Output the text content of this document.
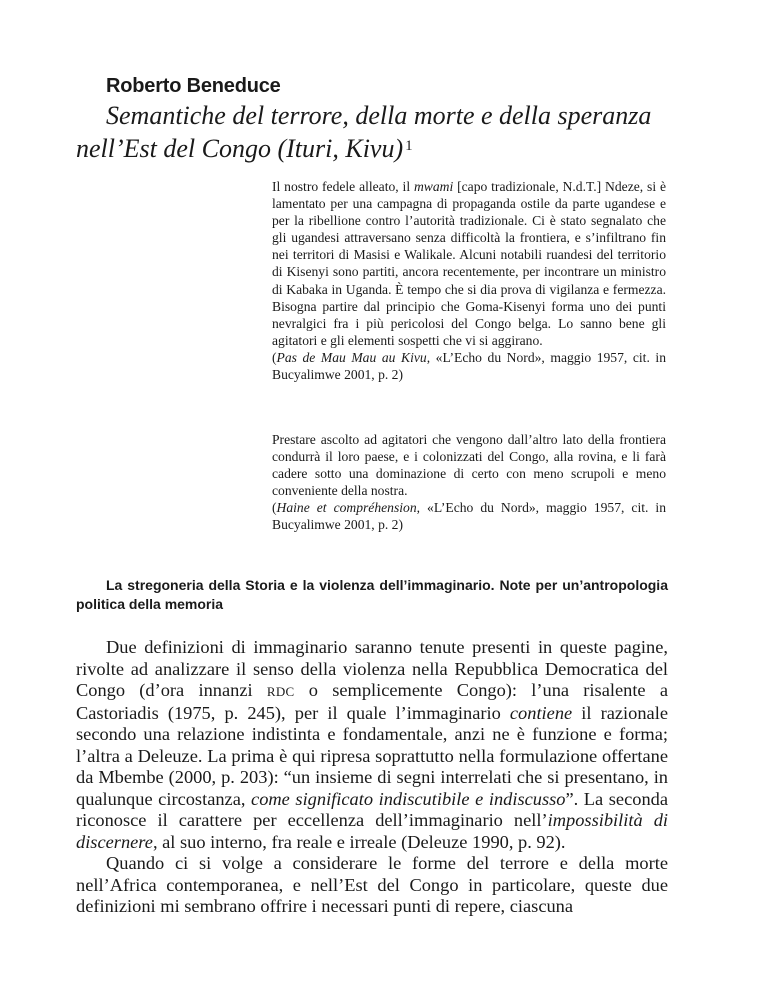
Roberto Beneduce
Semantiche del terrore, della morte e della speranza
nell’Est del Congo (Ituri, Kivu) $^1$
Il nostro fedele alleato, il mwami [capo tradizionale, N.d.T.] Ndeze, si è lamentato per una campagna di propaganda ostile da parte ugandese e per la ribellione contro l’autorità tradizionale. Ci è stato segnalato che gli ugandesi attraversano senza difficoltà la frontiera, e s’infiltrano fin nei territori di Masisi e Walikale. Alcuni notabili ruandesi del territorio di Kisenyi sono partiti, ancora recentemente, per incontrare un ministro di Kabaka in Uganda. È tempo che si dia prova di vigilanza e fermezza. Bisogna partire dal principio che Goma-Kisenyi forma uno dei punti nevralgici fra i più pericolosi del Congo belga. Lo sanno bene gli agitatori e gli elementi sospetti che vi si aggirano.
(Pas de Mau Mau au Kivu, «L’Echo du Nord», maggio 1957, cit. in Bucyalimwe 2001, p. 2)
Prestare ascolto ad agitatori che vengono dall’altro lato della frontiera condurrà il loro paese, e i colonizzati del Congo, alla rovina, e li farà cadere sotto una dominazione di certo con meno scrupoli e meno conveniente della nostra.
(Haine et compréhension, «L’Echo du Nord», maggio 1957, cit. in Bucyalimwe 2001, p. 2)
La stregoneria della Storia e la violenza dell’immaginario. Note per un’antropologia politica della memoria

Due definizioni di immaginario saranno tenute presenti in queste pagine, rivolte ad analizzare il senso della violenza nella Repubblica Democratica del Congo (d’ora innanzi RDC o semplicemente Congo): l’una risalente a Castoriadis (1975, p. 245), per il quale l’immaginario contiene il razionale secondo una relazione indistinta e fondamentale, anzi ne è funzione e forma; l’altra a Deleuze. La prima è qui ripresa soprattutto nella formulazione offertane da Mbembe (2000, p. 203): “un insieme di segni interrelati che si presentano, in qualunque circostanza, come significato indiscutibile e indiscusso”. La seconda riconosce il carattere per eccellenza dell’immaginario nell’impossibilità di discernere, al suo interno, fra reale e irreale (Deleuze 1990, p. 92).

Quando ci si volge a considerare le forme del terrore e della morte nell’Africa contemporanea, e nell’Est del Congo in particolare, queste due definizioni mi sembrano offrire i necessari punti di repere, ciascuna
